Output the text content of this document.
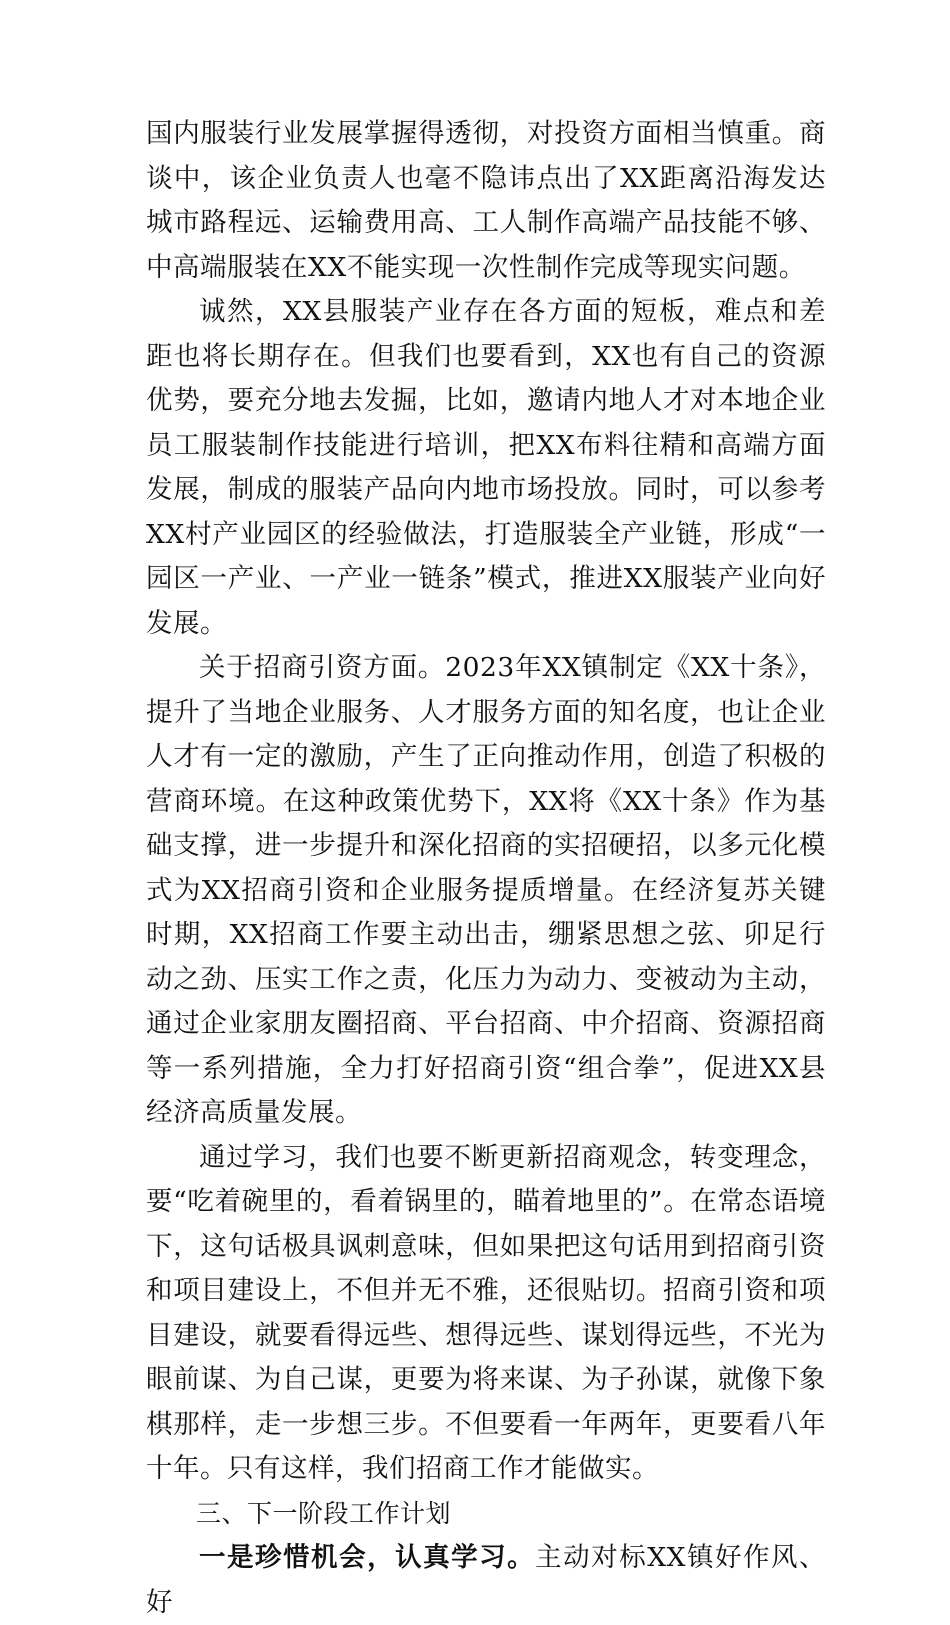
国内服装行业发展掌握得透彻，对投资方面相当慎重。商谈中，该企业负责人也毫不隐讳点出了XX距离沿海发达城市路程远、运输费用高、工人制作高端产品技能不够、中高端服装在XX不能实现一次性制作完成等现实问题。

诚然，XX县服装产业存在各方面的短板，难点和差距也将长期存在。但我们也要看到，XX也有自己的资源优势，要充分地去发掘，比如，邀请内地人才对本地企业员工服装制作技能进行培训，把XX布料往精和高端方面发展，制成的服装产品向内地市场投放。同时，可以参考XX村产业园区的经验做法，打造服装全产业链，形成“一园区一产业、一产业一链条”模式，推进XX服装产业向好发展。

关于招商引资方面。2023年XX镇制定《XX十条》，提升了当地企业服务、人才服务方面的知名度，也让企业人才有一定的激励，产生了正向推动作用，创造了积极的营商环境。在这种政策优势下，XX将《XX十条》作为基础支撑，进一步提升和深化招商的实招硬招，以多元化模式为XX招商引资和企业服务提质增量。在经济复苏关键时期，XX招商工作要主动出击，绷紧思想之弦、卯足行动之劲、压实工作之责，化压力为动力、变被动为主动，通过企业家朋友圈招商、平台招商、中介招商、资源招商等一系列措施，全力打好招商引资“组合拳”，促进XX县经济高质量发展。

通过学习，我们也要不断更新招商观念，转变理念，要“吃着碗里的，看着锅里的，瞄着地里的”。在常态语境下，这句话极具讽刺意味，但如果把这句话用到招商引资和项目建设上，不但并无不雅，还很贴切。招商引资和项目建设，就要看得远些、想得远些、谋划得远些，不光为眼前谋、为自己谋，更要为将来谋、为子孙谋，就像下象棋那样，走一步想三步。不但要看一年两年，更要看八年十年。只有这样，我们招商工作才能做实。

三、下一阶段工作计划

一是珍惜机会，认真学习。主动对标XX镇好作风、好
